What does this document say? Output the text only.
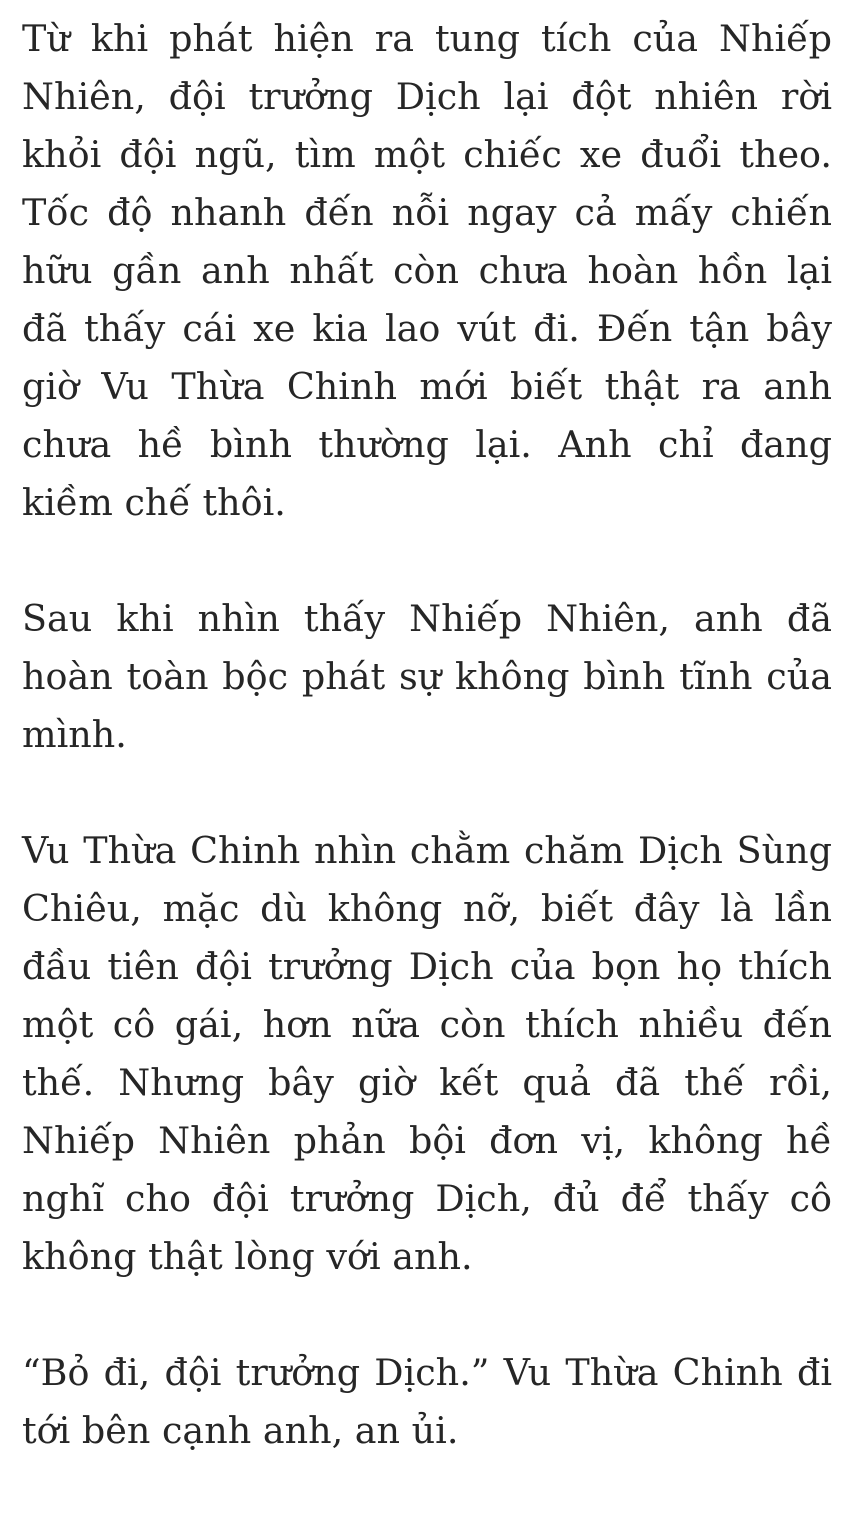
Từ khi phát hiện ra tung tích của Nhiếp
Nhiên, đội trưởng Dịch lại đột nhiên rời
khỏi đội ngũ, tìm một chiếc xe đuổi theo.
Tốc độ nhanh đến nỗi ngay cả mấy chiến
hữu gần anh nhất còn chưa hoàn hồn lại
đã thấy cái xe kia lao vút đi. Đến tận bây
giờ Vu Thừa Chinh mới biết thật ra anh
chưa hề bình thường lại. Anh chỉ đang
kiềm chế thôi.

Sau khi nhìn thấy Nhiếp Nhiên, anh đã
hoàn toàn bộc phát sự không bình tĩnh của
mình.

Vu Thừa Chinh nhìn chằm chăm Dịch Sùng
Chiêu, mặc dù không nỡ, biết đây là lần
đầu tiên đội trưởng Dịch của bọn họ thích
một cô gái, hơn nữa còn thích nhiều đến
thế. Nhưng bây giờ kết quả đã thế rồi,
Nhiếp Nhiên phản bội đơn vị, không hề
nghĩ cho đội trưởng Dịch, đủ để thấy cô
không thật lòng với anh.

“Bỏ đi, đội trưởng Dịch.” Vu Thừa Chinh đi
tới bên cạnh anh, an ủi.
